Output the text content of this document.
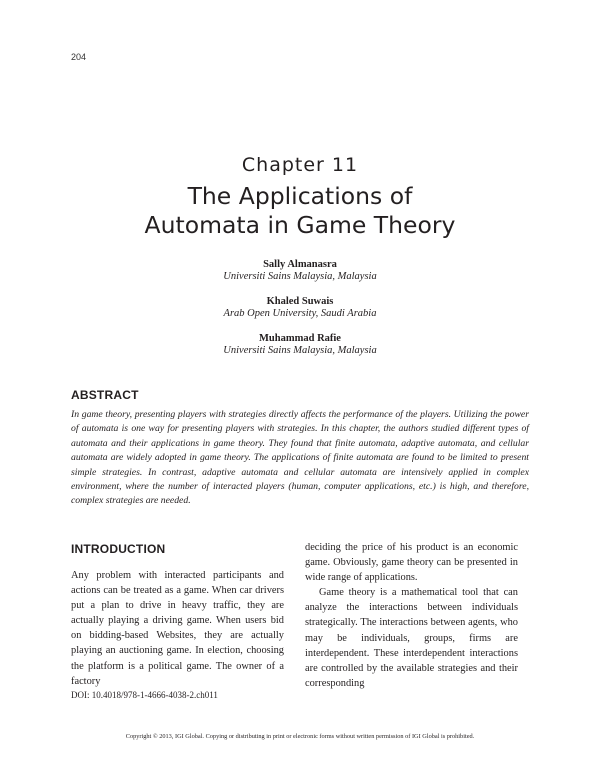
204
Chapter 11
The Applications of
Automata in Game Theory
Sally Almanasra
Universiti Sains Malaysia, Malaysia
Khaled Suwais
Arab Open University, Saudi Arabia
Muhammad Rafie
Universiti Sains Malaysia, Malaysia
ABSTRACT
In game theory, presenting players with strategies directly affects the performance of the players. Utilizing the power of automata is one way for presenting players with strategies. In this chapter, the authors studied different types of automata and their applications in game theory. They found that finite automata, adaptive automata, and cellular automata are widely adopted in game theory. The applications of finite automata are found to be limited to present simple strategies. In contrast, adaptive automata and cellular automata are intensively applied in complex environment, where the number of interacted players (human, computer applications, etc.) is high, and therefore, complex strategies are needed.
INTRODUCTION

Any problem with interacted participants and actions can be treated as a game. When car drivers put a plan to drive in heavy traffic, they are actually playing a driving game. When users bid on bidding-based Websites, they are actually playing an auctioning game. In election, choosing the platform is a political game. The owner of a factory

deciding the price of his product is an economic game. Obviously, game theory can be presented in wide range of applications.

Game theory is a mathematical tool that can analyze the interactions between individuals strategically. The interactions between agents, who may be individuals, groups, firms are interdependent. These interdependent interactions are controlled by the available strategies and their corresponding

DOI: 10.4018/978-1-4666-4038-2.ch011
Copyright © 2013, IGI Global. Copying or distributing in print or electronic forms without written permission of IGI Global is prohibited.
